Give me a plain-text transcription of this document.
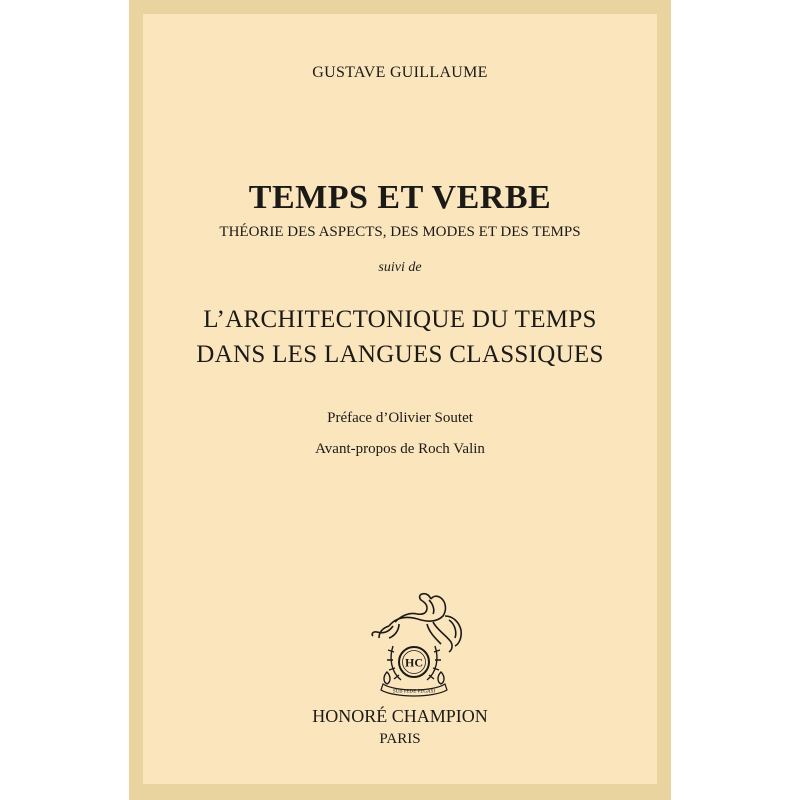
GUSTAVE GUILLAUME
TEMPS ET VERBE
THÉORIE DES ASPECTS, DES MODES ET DES TEMPS
suivi de
L’ARCHITECTONIQUE DU TEMPS
DANS LES LANGUES CLASSIQUES
Préface d’Olivier Soutet
Avant-propos de Roch Valin
HC
SUB PEDE PEGASI
HONORÉ CHAMPION
PARIS
